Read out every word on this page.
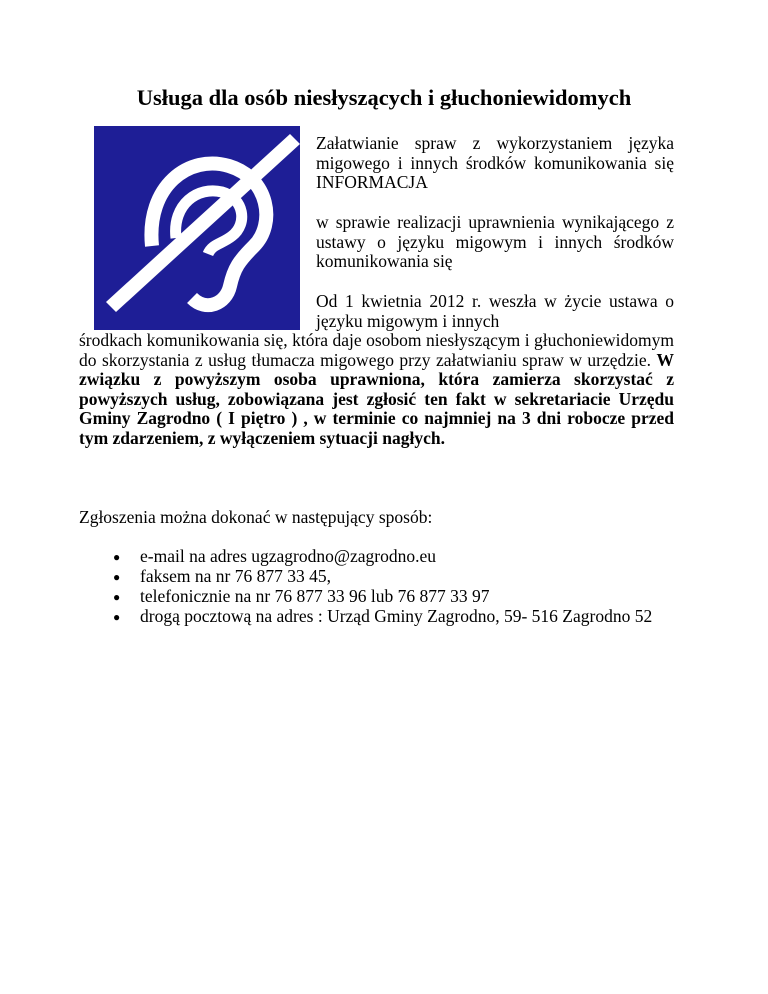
Usługa dla osób niesłyszących i głuchoniewidomych

Załatwianie spraw z wykorzystaniem języka migowego i innych środków komunikowania się INFORMACJA

w sprawie realizacji uprawnienia wynikającego z ustawy o języku migowym i innych środków komunikowania się

Od 1 kwietnia 2012 r. weszła w życie ustawa o języku migowym i innych

środkach komunikowania się, która daje osobom niesłyszącym i głuchoniewidomym do skorzystania z usług tłumacza migowego przy załatwianiu spraw w urzędzie. W związku z powyższym osoba uprawniona, która zamierza skorzystać z powyższych usług, zobowiązana jest zgłosić ten fakt w sekretariacie Urzędu Gminy Zagrodno ( I piętro ) , w terminie co najmniej na 3 dni robocze przed tym zdarzeniem, z wyłączeniem sytuacji nagłych.

Zgłoszenia można dokonać w następujący sposób:

● e-mail na adres ugzagrodno@zagrodno.eu
● faksem na nr 76 877 33 45,
● telefonicznie na nr 76 877 33 96 lub 76 877 33 97
● drogą pocztową na adres : Urząd Gminy Zagrodno, 59- 516 Zagrodno 52
